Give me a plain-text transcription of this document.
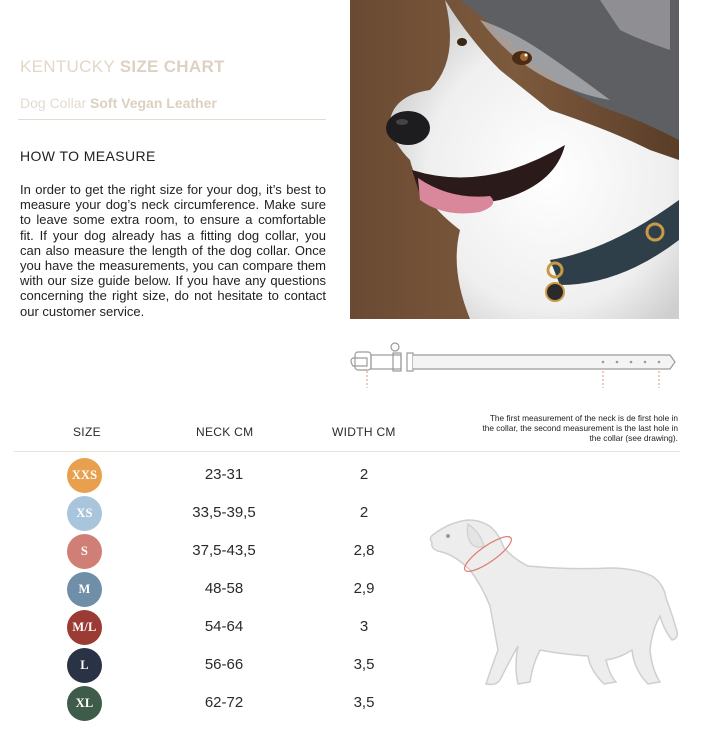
KENTUCKY SIZE CHART
Dog Collar Soft Vegan Leather
HOW TO MEASURE
In order to get the right size for your dog, it’s best to measure your dog’s neck circumference. Make sure to leave some extra room, to ensure a comfortable fit. If your dog already has a fitting dog collar, you can also measure the length of the dog collar. Once you have the measurements, you can compare them with our size guide below. If you have any questions concerning the right size, do not hesitate to contact our customer service.
The first measurement of the neck is de first hole in the collar, the second measurement is the last hole in the collar (see drawing).
SIZE	NECK CM	WIDTH CM
XXS	23-31	2
XS	33,5-39,5	2
S	37,5-43,5	2,8
M	48-58	2,9
M/L	54-64	3
L	56-66	3,5
XL	62-72	3,5
